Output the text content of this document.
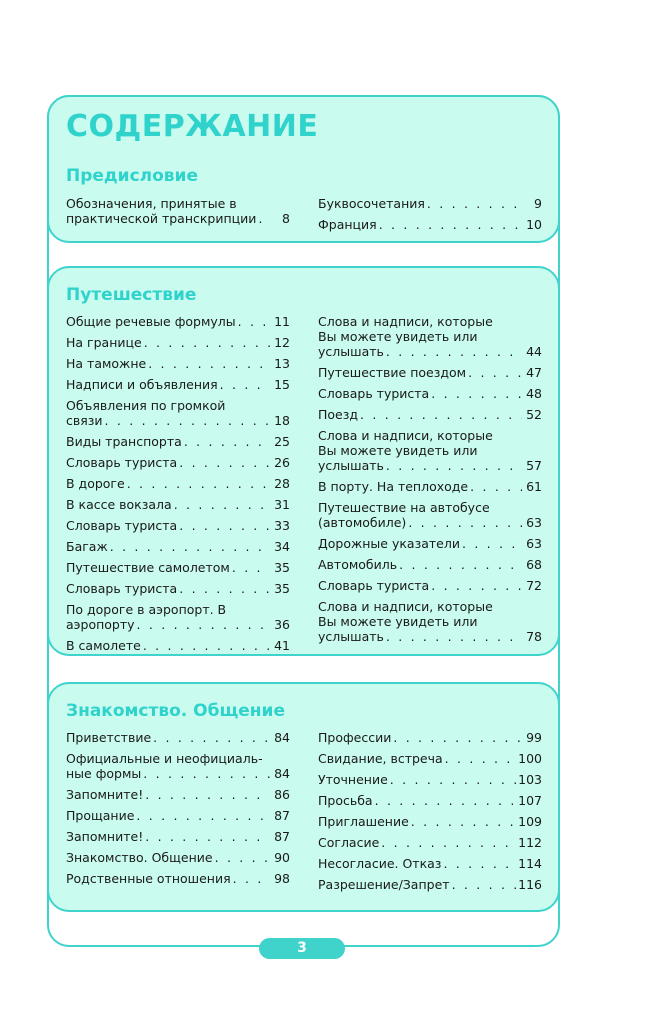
СОДЕРЖАНИЕ
Предисловие
Обозначения, принятые в
практической транскрипции . . .	8
Буквосочетания . . .	9
Франция . . .	10
Путешествие
Общие речевые формулы . . .	11
На границе . . .	12
На таможне . . .	13
Надписи и объявления . . .	15
Объявления по громкой
связи . . .	18
Виды транспорта . . .	25
Словарь туриста . . .	26
В дороге . . .	28
В кассе вокзала . . .	31
Словарь туриста . . .	33
Багаж . . .	34
Путешествие самолетом . . .	35
Словарь туриста . . .	35
По дороге в аэропорт. В
аэропорту . . .	36
В самолете . . .	41
Слова и надписи, которые
Вы можете увидеть или
услышать . . .	44
Путешествие поездом . . .	47
Словарь туриста . . .	48
Поезд . . .	52
Слова и надписи, которые
Вы можете увидеть или
услышать . . .	57
В порту. На теплоходе . . .	61
Путешествие на автобусе
(автомобиле) . . .	63
Дорожные указатели . . .	63
Автомобиль . . .	68
Словарь туриста . . .	72
Слова и надписи, которые
Вы можете увидеть или
услышать . . .	78
Знакомство. Общение
Приветствие . . .	84
Официальные и неофициаль-
ные формы . . .	84
Запомните! . . .	86
Прощание . . .	87
Запомните! . . .	87
Знакомство. Общение . . .	90
Родственные отношения . . .	98
Профессии . . .	99
Свидание, встреча . . .	100
Уточнение . . .	103
Просьба . . .	107
Приглашение . . .	109
Согласие . . .	112
Несогласие. Отказ . . .	114
Разрешение/Запрет . . .	116
3
